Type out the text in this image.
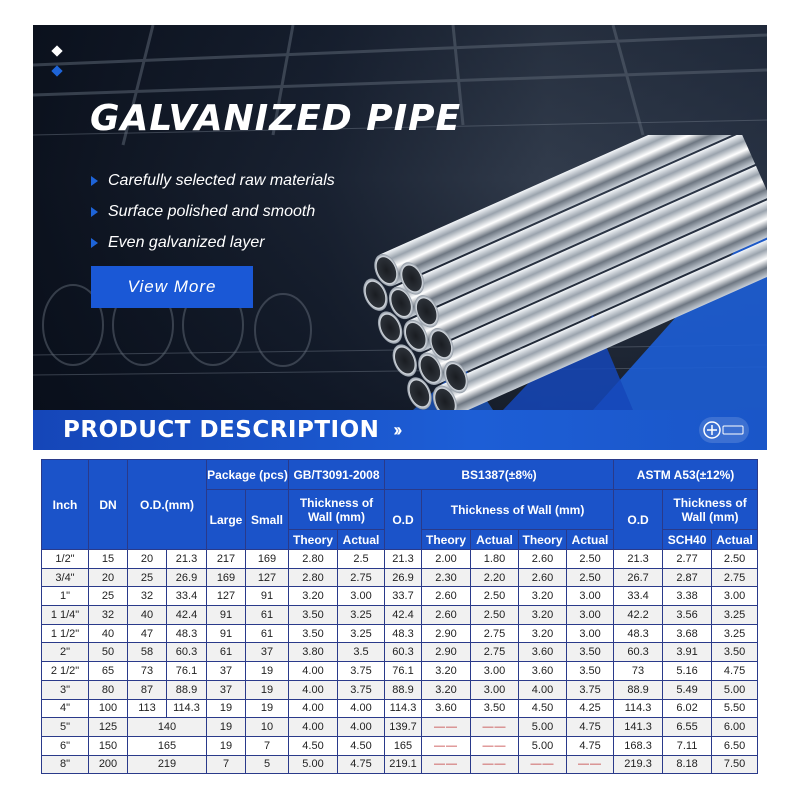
GALVANIZED PIPE
Carefully selected raw materials
Surface polished and smooth
Even galvanized layer
View More
PRODUCT DESCRIPTION ››
Inch	DN	O.D.(mm)		Package (pcs)		GB/T3091-2008		BS1387(±8%)					ASTM A53(±12%)		
				Large	Small	Thickness of Wall (mm)		O.D	Thickness of Wall (mm)				O.D	Thickness of Wall (mm)	
						Theory	Actual		Theory	Actual	Theory	Actual		SCH40	Actual
1/2"	15	20	21.3	217	169	2.80	2.5	21.3	2.00	1.80	2.60	2.50	21.3	2.77	2.50
3/4"	20	25	26.9	169	127	2.80	2.75	26.9	2.30	2.20	2.60	2.50	26.7	2.87	2.75
1"	25	32	33.4	127	91	3.20	3.00	33.7	2.60	2.50	3.20	3.00	33.4	3.38	3.00
1 1/4"	32	40	42.4	91	61	3.50	3.25	42.4	2.60	2.50	3.20	3.00	42.2	3.56	3.25
1 1/2"	40	47	48.3	91	61	3.50	3.25	48.3	2.90	2.75	3.20	3.00	48.3	3.68	3.25
2"	50	58	60.3	61	37	3.80	3.5	60.3	2.90	2.75	3.60	3.50	60.3	3.91	3.50
2 1/2"	65	73	76.1	37	19	4.00	3.75	76.1	3.20	3.00	3.60	3.50	73	5.16	4.75
3"	80	87	88.9	37	19	4.00	3.75	88.9	3.20	3.00	4.00	3.75	88.9	5.49	5.00
4"	100	113	114.3	19	19	4.00	4.00	114.3	3.60	3.50	4.50	4.25	114.3	6.02	5.50
5"	125	140		19	10	4.00	4.00	139.7	——	——	5.00	4.75	141.3	6.55	6.00
6"	150	165		19	7	4.50	4.50	165	——	——	5.00	4.75	168.3	7.11	6.50
8"	200	219		7	5	5.00	4.75	219.1	——	——	——	——	219.3	8.18	7.50
